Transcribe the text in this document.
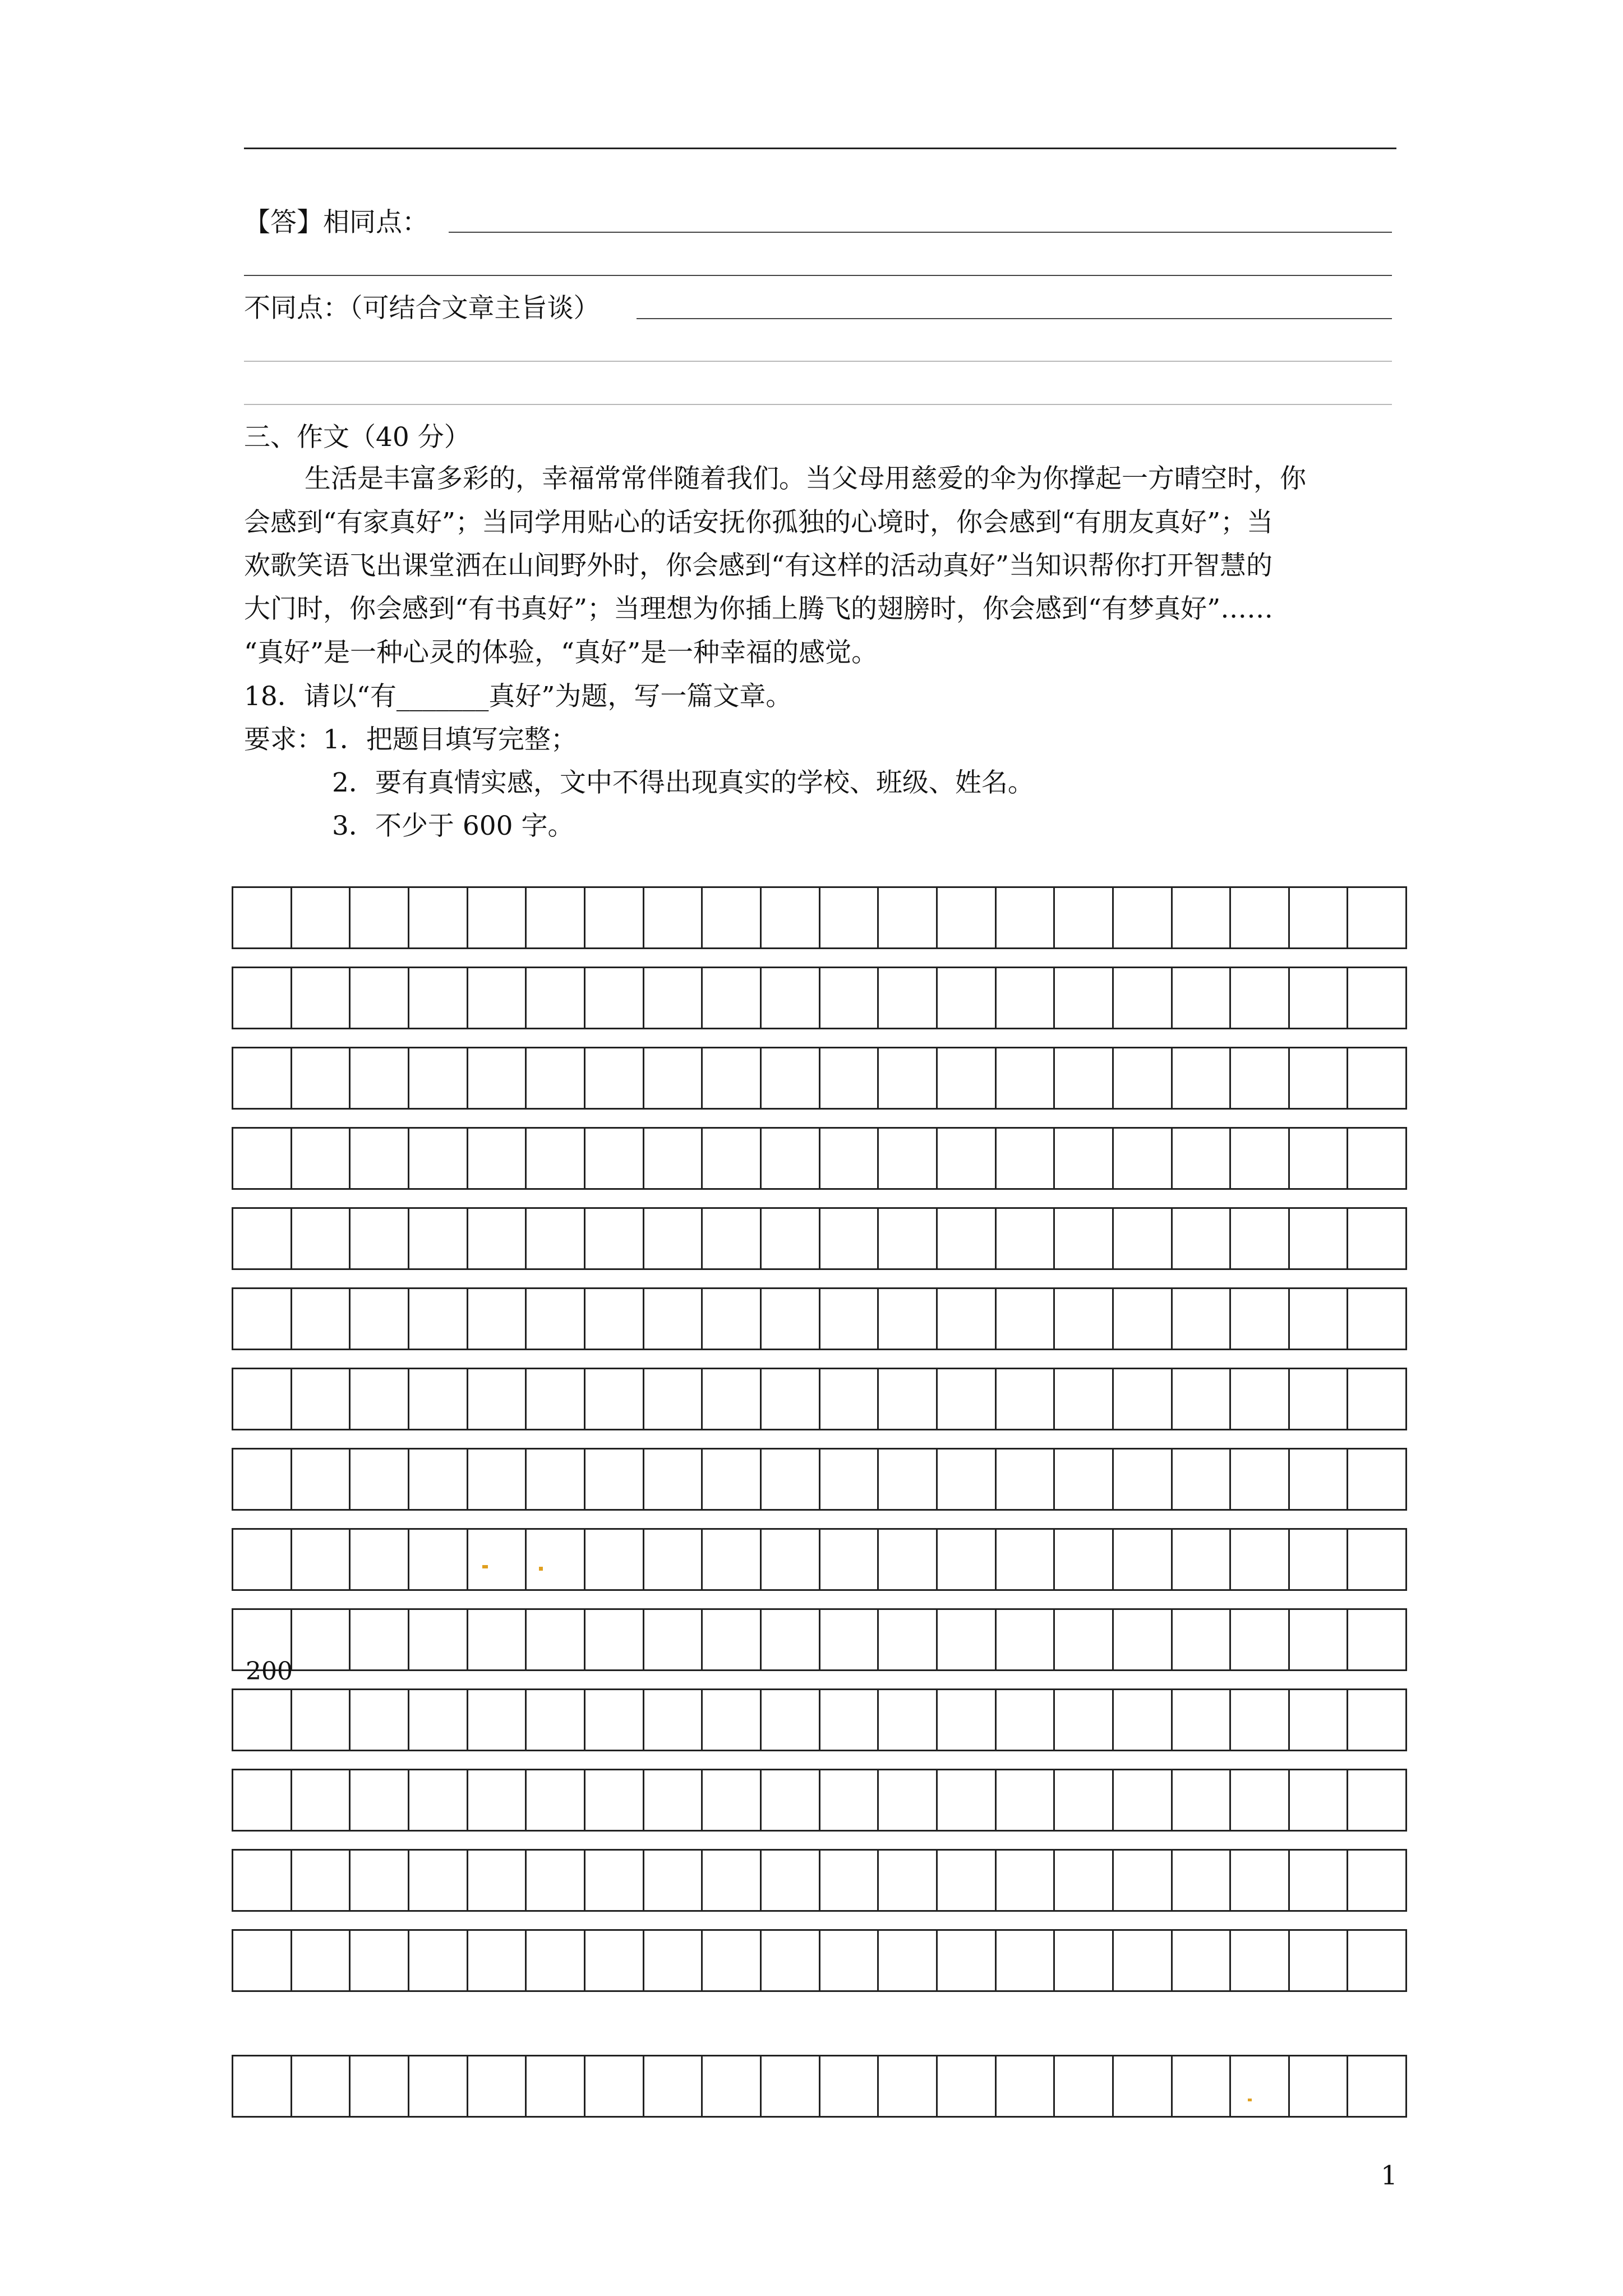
【答】相同点：
不同点：（可结合文章主旨谈）
三、作文（40 分）
生活是丰富多彩的，幸福常常伴随着我们。当父母用慈爱的伞为你撑起一方晴空时，你
会感到“有家真好”；当同学用贴心的话安抚你孤独的心境时，你会感到“有朋友真好”；当
欢歌笑语飞出课堂洒在山间野外时，你会感到“有这样的活动真好”当知识帮你打开智慧的
大门时，你会感到“有书真好”；当理想为你插上腾飞的翅膀时，你会感到“有梦真好”……
“真好”是一种心灵的体验，“真好”是一种幸福的感觉。
18．请以“有_______真好”为题，写一篇文章。
要求：1．把题目填写完整；
2．要有真情实感，文中不得出现真实的学校、班级、姓名。
3．不少于 600 字。
200
1
